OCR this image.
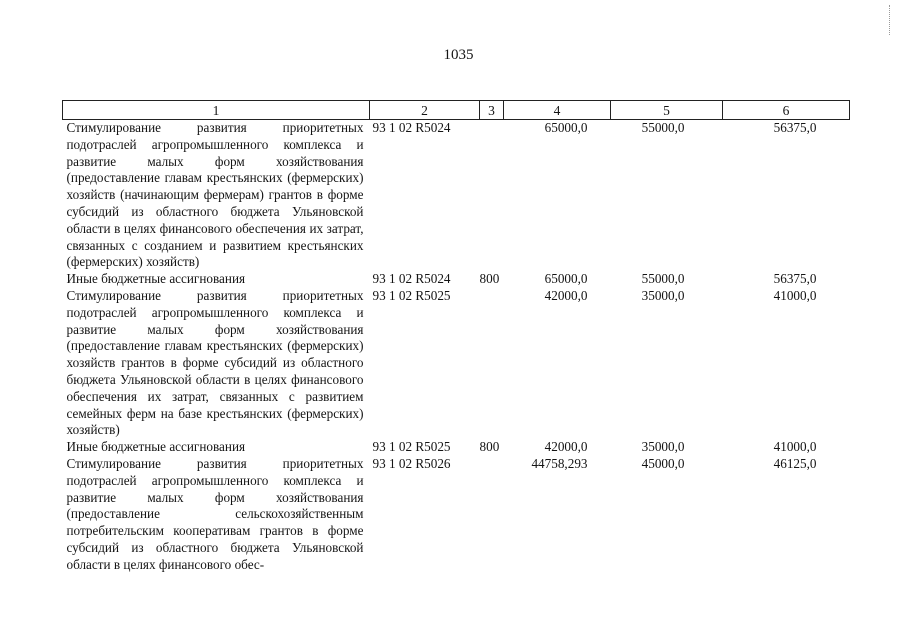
1035
1	2	3	4	5	6
Стимулирование развития приоритетных подотраслей агропромышленного комплекса и развитие малых форм хозяйствования (предоставление главам крестьянских (фермерских) хозяйств (начинающим фермерам) грантов в форме субсидий из областного бюджета Ульяновской области в целях финансового обеспечения их затрат, связанных с созданием и развитием крестьянских (фермерских) хозяйств)	93 1 02 R5024		65000,0	55000,0	56375,0
Иные бюджетные ассигнования	93 1 02 R5024	800	65000,0	55000,0	56375,0
Стимулирование развития приоритетных подотраслей агропромышленного комплекса и развитие малых форм хозяйствования (предоставление главам крестьянских (фермерских) хозяйств грантов в форме субсидий из областного бюджета Ульяновской области в целях финансового обеспечения их затрат, связанных с развитием семейных ферм на базе крестьянских (фермерских) хозяйств)	93 1 02 R5025		42000,0	35000,0	41000,0
Иные бюджетные ассигнования	93 1 02 R5025	800	42000,0	35000,0	41000,0
Стимулирование развития приоритетных подотраслей агропромышленного комплекса и развитие малых форм хозяйствования (предоставление сельскохозяйственным потребительским кооперативам грантов в форме субсидий из областного бюджета Ульяновской области в целях финансового обес-	93 1 02 R5026		44758,293	45000,0	46125,0
